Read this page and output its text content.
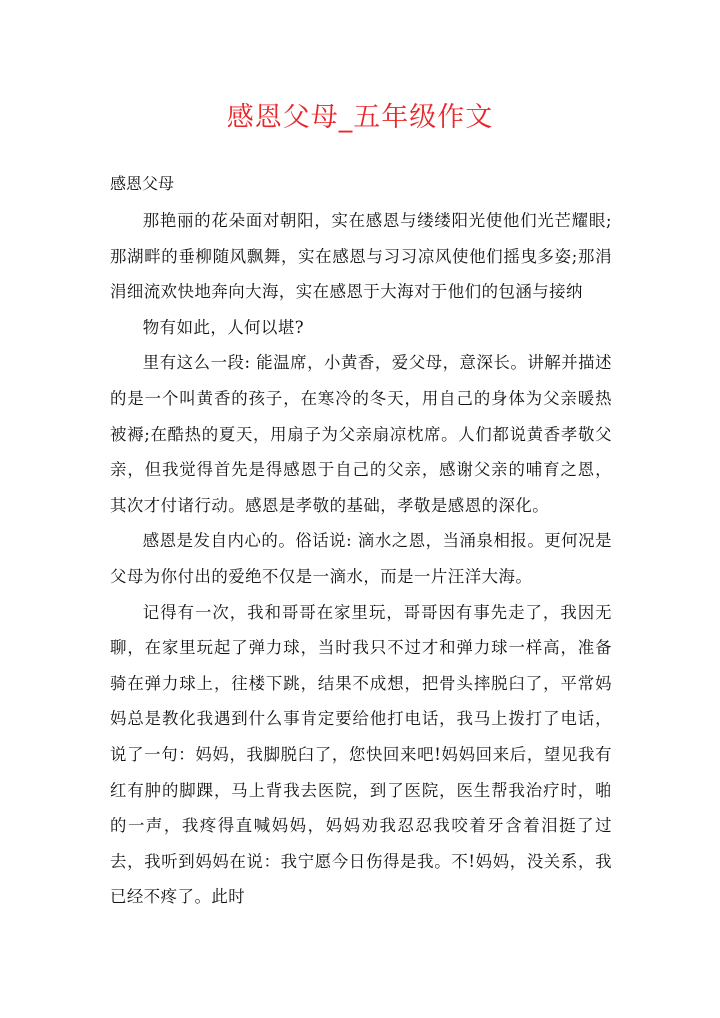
感恩父母_五年级作文
感恩父母

那艳丽的花朵面对朝阳，实在感恩与缕缕阳光使他们光芒耀眼;那湖畔的垂柳随风飘舞，实在感恩与习习凉风使他们摇曳多姿;那涓涓细流欢快地奔向大海，实在感恩于大海对于他们的包涵与接纳

物有如此，人何以堪?

里有这么一段: 能温席，小黄香，爱父母，意深长。讲解并描述的是一个叫黄香的孩子，在寒冷的冬天，用自己的身体为父亲暖热被褥;在酷热的夏天，用扇子为父亲扇凉枕席。人们都说黄香孝敬父亲，但我觉得首先是得感恩于自己的父亲，感谢父亲的哺育之恩，其次才付诸行动。感恩是孝敬的基础，孝敬是感恩的深化。

感恩是发自内心的。俗话说: 滴水之恩，当涌泉相报。更何况是父母为你付出的爱绝不仅是一滴水，而是一片汪洋大海。

记得有一次，我和哥哥在家里玩，哥哥因有事先走了，我因无聊，在家里玩起了弹力球，当时我只不过才和弹力球一样高，准备骑在弹力球上，往楼下跳，结果不成想，把骨头摔脱臼了，平常妈妈总是教化我遇到什么事肯定要给他打电话，我马上拨打了电话，说了一句：妈妈，我脚脱臼了，您快回来吧!妈妈回来后，望见我有红有肿的脚踝，马上背我去医院，到了医院，医生帮我治疗时，啪的一声，我疼得直喊妈妈，妈妈劝我忍忍我咬着牙含着泪挺了过去，我听到妈妈在说：我宁愿今日伤得是我。不!妈妈，没关系，我已经不疼了。此时
